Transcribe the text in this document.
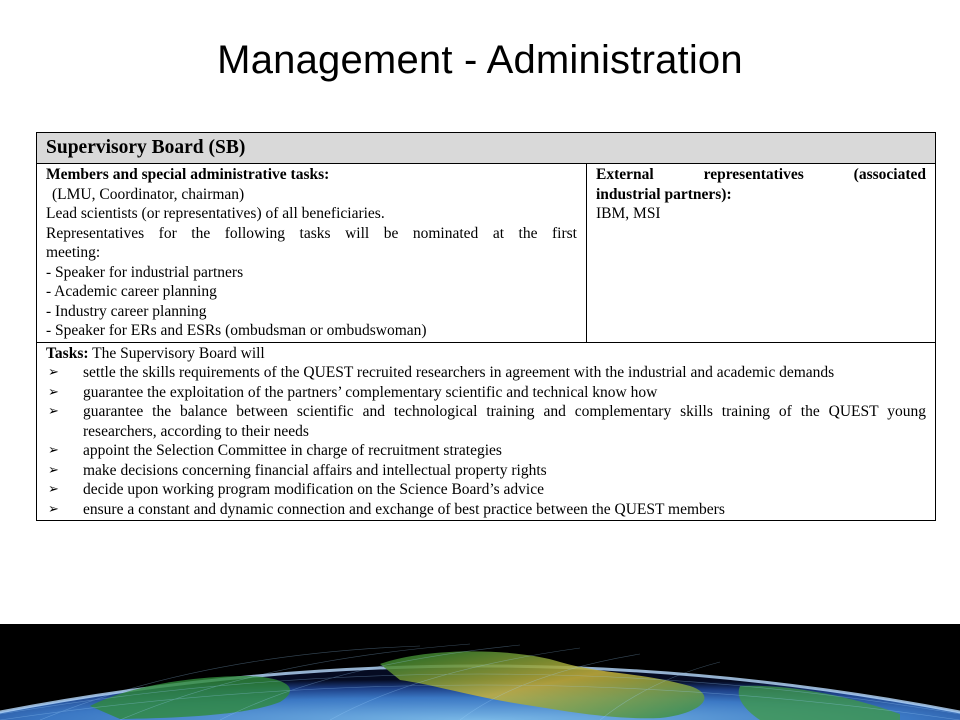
Management - Administration
Supervisory Board (SB)
Members and special administrative tasks:
(LMU, Coordinator, chairman)
Lead scientists (or representatives) of all beneficiaries.
Representatives for the following tasks will be nominated at the first
meeting:
- Speaker for industrial partners
- Academic career planning
- Industry career planning
- Speaker for ERs and ESRs (ombudsman or ombudswoman)

External representatives (associated
industrial partners):
IBM, MSI

Tasks: The Supervisory Board will
➢ settle the skills requirements of the QUEST recruited researchers in agreement with the industrial and academic demands
➢ guarantee the exploitation of the partners’ complementary scientific and technical know how
➢ guarantee the balance between scientific and technological training and complementary skills training of the QUEST young researchers, according to their needs
➢ appoint the Selection Committee in charge of recruitment strategies
➢ make decisions concerning financial affairs and intellectual property rights
➢ decide upon working program modification on the Science Board’s advice
➢ ensure a constant and dynamic connection and exchange of best practice between the QUEST members
